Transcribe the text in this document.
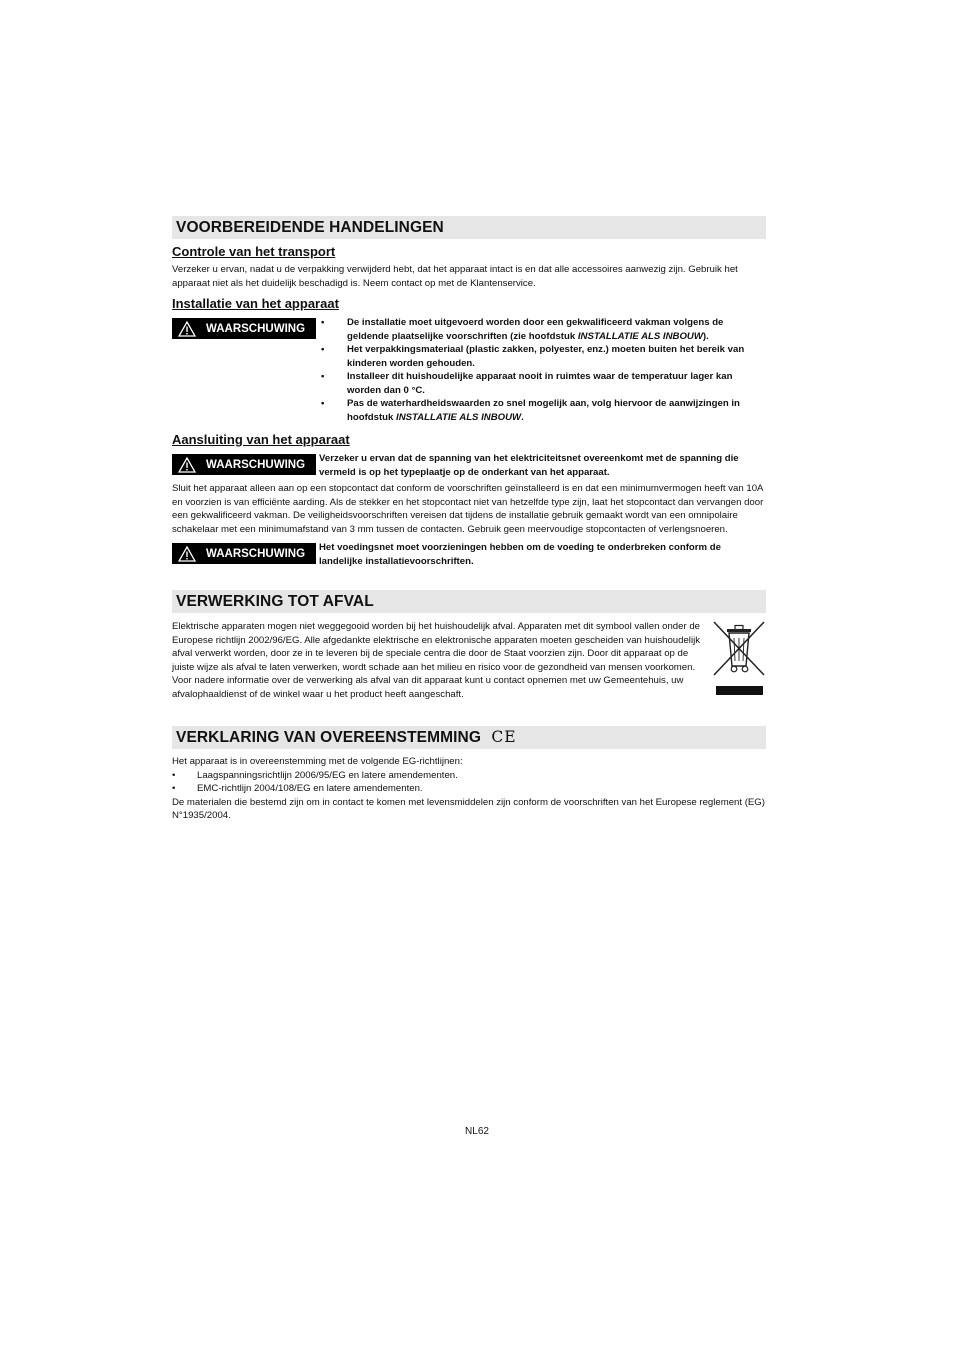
VOORBEREIDENDE HANDELINGEN
Controle van het transport

Verzeker u ervan, nadat u de verpakking verwijderd hebt, dat het apparaat intact is en dat alle accessoires aanwezig zijn. Gebruik het apparaat niet als het duidelijk beschadigd is. Neem contact op met de Klantenservice.

Installatie van het apparaat
WAARSCHUWING •	De installatie moet uitgevoerd worden door een gekwalificeerd vakman volgens de geldende plaatselijke voorschriften (zie hoofdstuk INSTALLATIE ALS INBOUW).
•	Het verpakkingsmateriaal (plastic zakken, polyester, enz.) moeten buiten het bereik van kinderen worden gehouden.
•	Installeer dit huishoudelijke apparaat nooit in ruimtes waar de temperatuur lager kan worden dan 0 °C.
•	Pas de waterhardheidswaarden zo snel mogelijk aan, volg hiervoor de aanwijzingen in hoofdstuk INSTALLATIE ALS INBOUW.
Aansluiting van het apparaat
WAARSCHUWING Verzeker u ervan dat de spanning van het elektriciteitsnet overeenkomt met de spanning die vermeld is op het typeplaatje op de onderkant van het apparaat.

Sluit het apparaat alleen aan op een stopcontact dat conform de voorschriften geïnstalleerd is en dat een minimumvermogen heeft van 10A en voorzien is van efficiënte aarding. Als de stekker en het stopcontact niet van hetzelfde type zijn, laat het stopcontact dan vervangen door een gekwalificeerd vakman. De veiligheidsvoorschriften vereisen dat tijdens de installatie gebruik gemaakt wordt van een omnipolaire schakelaar met een minimumafstand van 3 mm tussen de contacten. Gebruik geen meervoudige stopcontacten of verlengsnoeren.

WAARSCHUWING Het voedingsnet moet voorzieningen hebben om de voeding te onderbreken conform de landelijke installatievoorschriften.
VERWERKING TOT AFVAL

Elektrische apparaten mogen niet weggegooid worden bij het huishoudelijk afval. Apparaten met dit symbool vallen onder de Europese richtlijn 2002/96/EG. Alle afgedankte elektrische en elektronische apparaten moeten gescheiden van huishoudelijk afval verwerkt worden, door ze in te leveren bij de speciale centra die door de Staat voorzien zijn. Door dit apparaat op de juiste wijze als afval te laten verwerken, wordt schade aan het milieu en risico voor de gezondheid van mensen voorkomen. Voor nadere informatie over de verwerking als afval van dit apparaat kunt u contact opnemen met uw Gemeentehuis, uw afvalophaaldienst of de winkel waar u het product heeft aangeschaft.

VERKLARING VAN OVEREENSTEMMING CE

Het apparaat is in overeenstemming met de volgende EG-richtlijnen:

•	Laagspanningsrichtlijn 2006/95/EG en latere amendementen.
•	EMC-richtlijn 2004/108/EG en latere amendementen.

De materialen die bestemd zijn om in contact te komen met levensmiddelen zijn conform de voorschriften van het Europese reglement (EG) N°1935/2004.

NL62
